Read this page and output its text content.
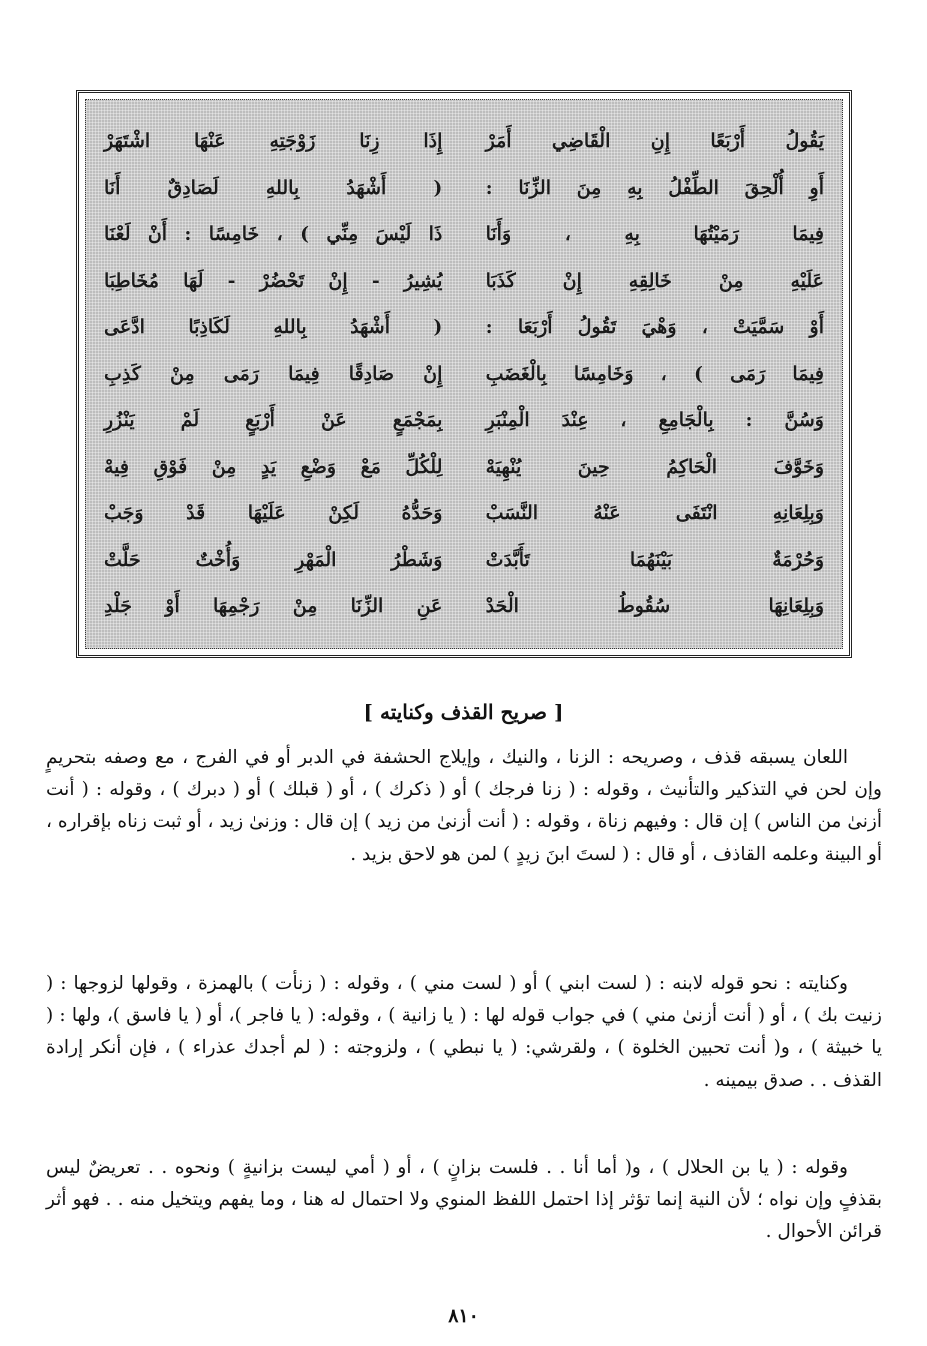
يَقُولُ أَرْبَعًا إِنِ الْقَاضِي أَمَرْ
إِذَا زِنَا زَوْجَتِهِ عَنْهَا اشْتَهَرْ
أَوِ أُلْحِقَ الطِّفْلُ بِهِ مِنَ الزِّنَا :
( أَشْهَدُ بِاللهِ لَصَادِقٌ أَنَا
فِيمَا رَمَيْتُهَا بِهِ ، وَأَنَا
ذَا لَيْسَ مِنِّي ) ، خَامِسًا : أَنْ لَعْنَا
عَلَيْهِ مِنْ خَالِقِهِ إِنْ كَذَبَا
يُشِيرُ - إِنْ تَحْضُرْ - لَهَا مُخَاطِبَا
أَوْ سَمَّيَتْ ، وَهْيَ تَقُولُ أَرْبَعَا :
( أَشْهَدُ بِاللهِ لَكَاذِبًا ادَّعَى
فِيمَا رَمَى ) ، وَخَامِسًا بِالْغَضَبِ
إِنْ صَادِقًا فِيمَا رَمَى مِنْ كَذِبِ
وَسُنَّ : بِالْجَامِعِ ، عِنْدَ الْمِنْبَرِ
بِمَجْمَعٍ عَنْ أَرْبَعٍ لَمْ يَنْزُرِ
وَخَوَّفَ الْحَاكِمُ حِينَ يُنْهِيَهْ
لِلْكُلِّ مَعْ وَضْعِ يَدٍ مِنْ فَوْقِ فِيهْ
وَبِلِعَانِهِ انْتَفَى عَنْهُ النَّسَبْ
وَحَدُّهُ لَكِنْ عَلَيْهَا قَدْ وَجَبْ
وَحُرْمَةٌ بَيْنَهُمَا تَأَبَّدَتْ
وَشَطْرُ الْمَهْرِ وَأُخْتٌ حَلَّتْ
وَبِلِعَانِهَا سُقُوطُ الْحَدْ
عَنِ الزِّنَا مِنْ رَجْمِهَا أَوْ جَلْدِ
[ صريح القذف وكنايته ]

اللعان يسبقه قذف ، وصريحه : الزنا ، والنيك ، وإيلاج الحشفة في الدبر أو في الفرج ، مع وصفه بتحريمٍ وإن لحن في التذكير والتأنيث ، وقوله : ( زنا فرجك ) أو ( ذكرك ) ، أو ( قبلك ) أو ( دبرك ) ، وقوله : ( أنت أزنىٰ من الناس ) إن قال : وفيهم زناة ، وقوله : ( أنت أزنىٰ من زيد ) إن قال : وزنىٰ زيد ، أو ثبت زناه بإقراره ، أو البينة وعلمه القاذف ، أو قال : ( لستَ ابنَ زيدٍ ) لمن هو لاحق بزيد .

وكنايته : نحو قوله لابنه : ( لست ابني ) أو ( لست مني ) ، وقوله : ( زنأت ) بالهمزة ، وقولها لزوجها : ( زنيت بك ) ، أو ( أنت أزنىٰ مني ) في جواب قوله لها : ( يا زانية ) ، وقوله: ( يا فاجر )، أو ( يا فاسق )، ولها : ( يا خبيثة ) ، و( أنت تحبين الخلوة ) ، ولقرشي: ( يا نبطي ) ، ولزوجته : ( لم أجدك عذراء ) ، فإن أنكر إرادة القذف . . صدق بيمينه .

وقوله : ( يا بن الحلال ) ، و( أما أنا . . فلست بزانٍ ) ، أو ( أمي ليست بزانيةٍ ) ونحوه . . تعريضٌ ليس بقذفٍ وإن نواه ؛ لأن النية إنما تؤثر إذا احتمل اللفظ المنوي ولا احتمال له هنا ، وما يفهم ويتخيل منه . . فهو أثر قرائن الأحوال .

٨١٠
